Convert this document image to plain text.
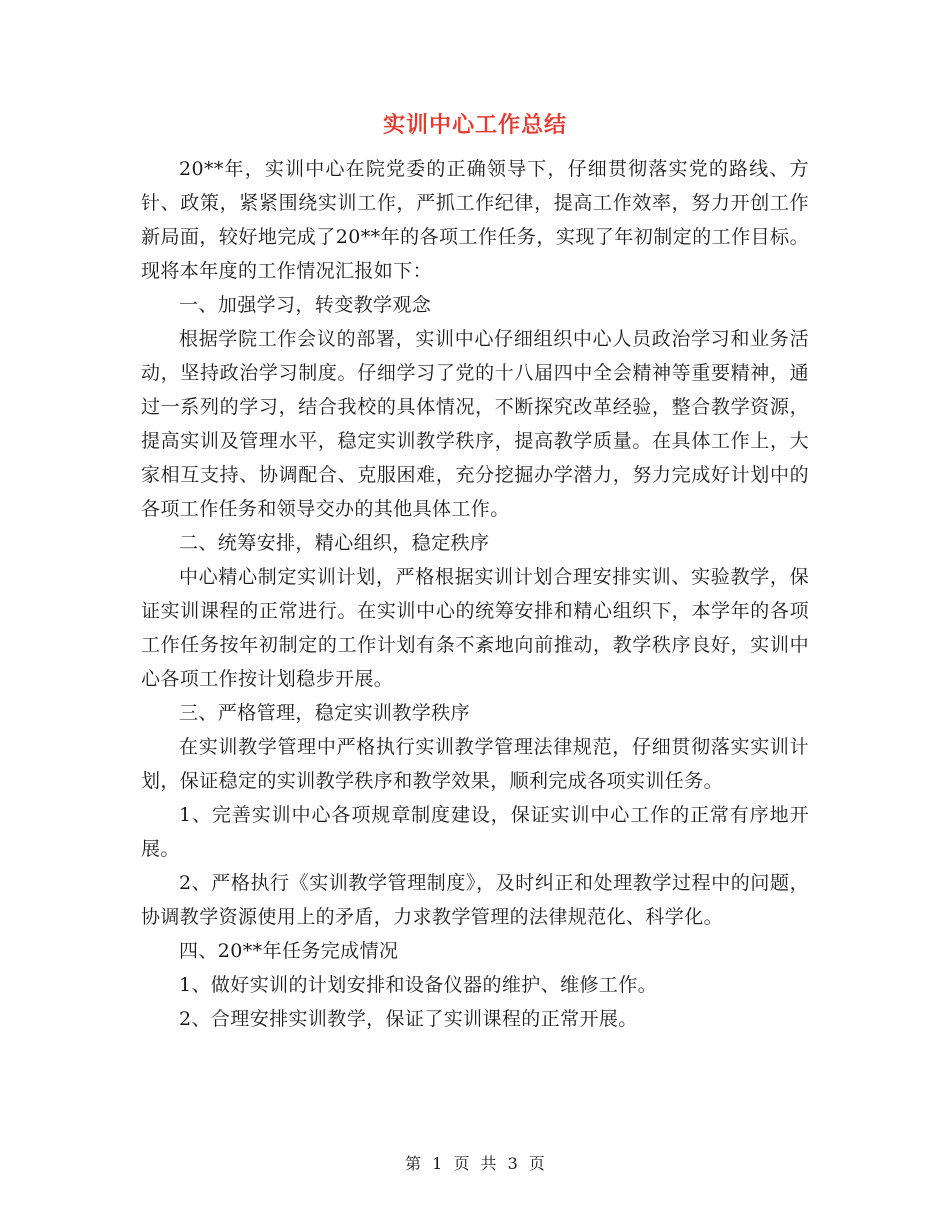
实训中心工作总结

20**年，实训中心在院党委的正确领导下，仔细贯彻落实党的路线、方针、政策，紧紧围绕实训工作，严抓工作纪律，提高工作效率，努力开创工作新局面，较好地完成了20**年的各项工作任务，实现了年初制定的工作目标。现将本年度的工作情况汇报如下：

一、加强学习，转变教学观念

根据学院工作会议的部署，实训中心仔细组织中心人员政治学习和业务活动，坚持政治学习制度。仔细学习了党的十八届四中全会精神等重要精神，通过一系列的学习，结合我校的具体情况，不断探究改革经验，整合教学资源，提高实训及管理水平，稳定实训教学秩序，提高教学质量。在具体工作上，大家相互支持、协调配合、克服困难，充分挖掘办学潜力，努力完成好计划中的各项工作任务和领导交办的其他具体工作。

二、统筹安排，精心组织，稳定秩序

中心精心制定实训计划，严格根据实训计划合理安排实训、实验教学，保证实训课程的正常进行。在实训中心的统筹安排和精心组织下，本学年的各项工作任务按年初制定的工作计划有条不紊地向前推动，教学秩序良好，实训中心各项工作按计划稳步开展。

三、严格管理，稳定实训教学秩序

在实训教学管理中严格执行实训教学管理法律规范，仔细贯彻落实实训计划，保证稳定的实训教学秩序和教学效果，顺利完成各项实训任务。

1、完善实训中心各项规章制度建设，保证实训中心工作的正常有序地开展。

2、严格执行《实训教学管理制度》，及时纠正和处理教学过程中的问题，协调教学资源使用上的矛盾，力求教学管理的法律规范化、科学化。

四、20**年任务完成情况

1、做好实训的计划安排和设备仪器的维护、维修工作。

2、合理安排实训教学，保证了实训课程的正常开展。

第 1 页 共 3 页
